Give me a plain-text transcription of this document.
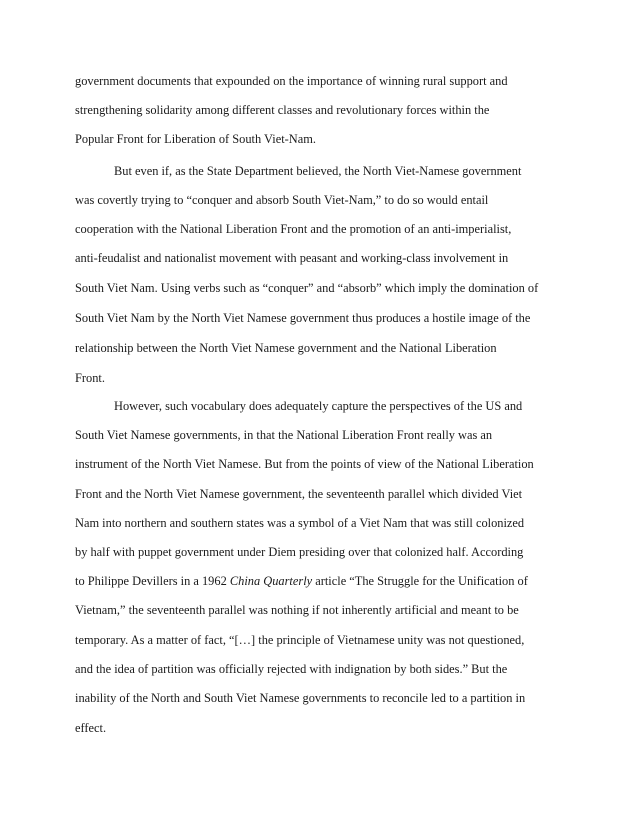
government documents that expounded on the importance of winning rural support and

strengthening solidarity among different classes and revolutionary forces within the

Popular Front for Liberation of South Viet-Nam.

But even if, as the State Department believed, the North Viet-Namese government

was covertly trying to “conquer and absorb South Viet-Nam,” to do so would entail

cooperation with the National Liberation Front and the promotion of an anti-imperialist,

anti-feudalist and nationalist movement with peasant and working-class involvement in

South Viet Nam. Using verbs such as “conquer” and “absorb” which imply the domination of

South Viet Nam by the North Viet Namese government thus produces a hostile image of the

relationship between the North Viet Namese government and the National Liberation

Front.

However, such vocabulary does adequately capture the perspectives of the US and

South Viet Namese governments, in that the National Liberation Front really was an

instrument of the North Viet Namese. But from the points of view of the National Liberation

Front and the North Viet Namese government, the seventeenth parallel which divided Viet

Nam into northern and southern states was a symbol of a Viet Nam that was still colonized

by half with puppet government under Diem presiding over that colonized half. According

to Philippe Devillers in a 1962 China Quarterly article “The Struggle for the Unification of

Vietnam,” the seventeenth parallel was nothing if not inherently artificial and meant to be

temporary. As a matter of fact, “[…] the principle of Vietnamese unity was not questioned,

and the idea of partition was officially rejected with indignation by both sides.” But the

inability of the North and South Viet Namese governments to reconcile led to a partition in

effect.
